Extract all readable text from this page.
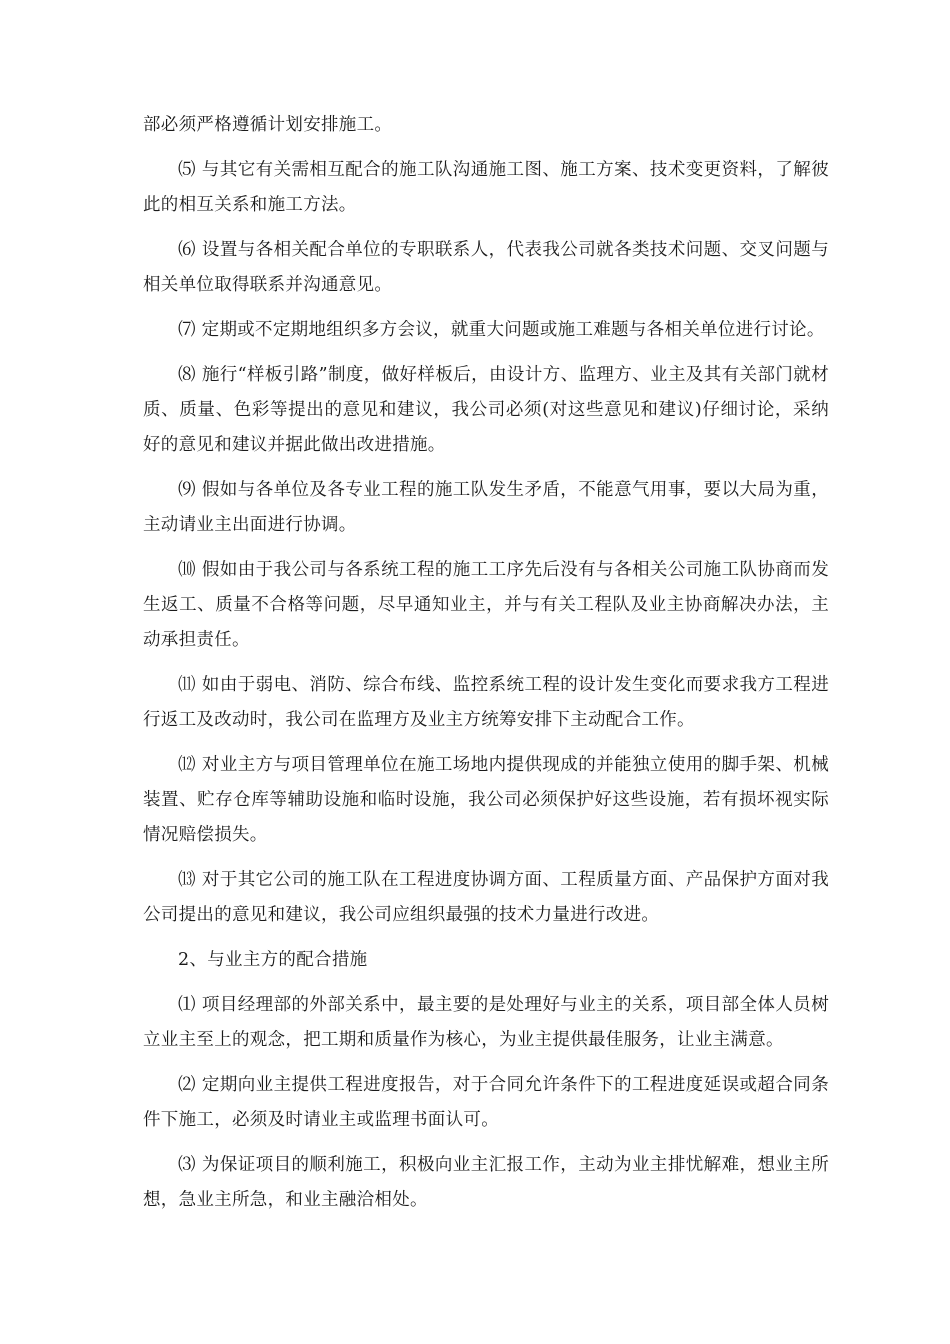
部必须严格遵循计划安排施工。

⑸ 与其它有关需相互配合的施工队沟通施工图、施工方案、技术变更资料，了解彼此的相互关系和施工方法。

⑹ 设置与各相关配合单位的专职联系人，代表我公司就各类技术问题、交叉问题与相关单位取得联系并沟通意见。

⑺ 定期或不定期地组织多方会议，就重大问题或施工难题与各相关单位进行讨论。

⑻ 施行“样板引路”制度，做好样板后，由设计方、监理方、业主及其有关部门就材质、质量、色彩等提出的意见和建议，我公司必须(对这些意见和建议)仔细讨论，采纳好的意见和建议并据此做出改进措施。

⑼ 假如与各单位及各专业工程的施工队发生矛盾，不能意气用事，要以大局为重，主动请业主出面进行协调。

⑽ 假如由于我公司与各系统工程的施工工序先后没有与各相关公司施工队协商而发生返工、质量不合格等问题，尽早通知业主，并与有关工程队及业主协商解决办法，主动承担责任。

⑾ 如由于弱电、消防、综合布线、监控系统工程的设计发生变化而要求我方工程进行返工及改动时，我公司在监理方及业主方统筹安排下主动配合工作。

⑿ 对业主方与项目管理单位在施工场地内提供现成的并能独立使用的脚手架、机械装置、贮存仓库等辅助设施和临时设施，我公司必须保护好这些设施，若有损坏视实际情况赔偿损失。

⒀ 对于其它公司的施工队在工程进度协调方面、工程质量方面、产品保护方面对我公司提出的意见和建议，我公司应组织最强的技术力量进行改进。

2、与业主方的配合措施

⑴ 项目经理部的外部关系中，最主要的是处理好与业主的关系，项目部全体人员树立业主至上的观念，把工期和质量作为核心，为业主提供最佳服务，让业主满意。

⑵ 定期向业主提供工程进度报告，对于合同允许条件下的工程进度延误或超合同条件下施工，必须及时请业主或监理书面认可。

⑶ 为保证项目的顺利施工，积极向业主汇报工作，主动为业主排忧解难，想业主所想，急业主所急，和业主融洽相处。
